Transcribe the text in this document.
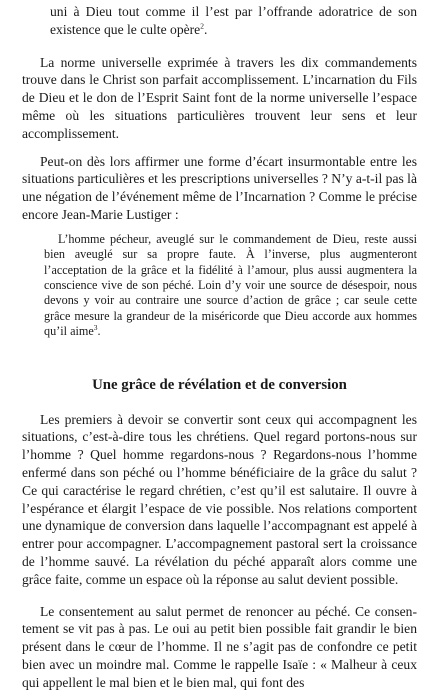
uni à Dieu tout comme il l’est par l’offrande adoratrice de son existence que le culte opère$^2$.

La norme universelle exprimée à travers les dix commandements trouve dans le Christ son parfait accomplissement. L’incarnation du Fils de Dieu et le don de l’Esprit Saint font de la norme universelle l’espace même où les situations particulières trouvent leur sens et leur accomplissement.

Peut-on dès lors affirmer une forme d’écart insurmontable entre les situations particulières et les prescriptions universelles ? N’y a-t-il pas là une négation de l’événement même de l’Incarnation ? Comme le précise encore Jean-Marie Lustiger :

L’homme pécheur, aveuglé sur le commandement de Dieu, reste aussi bien aveuglé sur sa propre faute. À l’inverse, plus augmenteront l’acceptation de la grâce et la fidélité à l’amour, plus aussi augmentera la conscience vive de son péché. Loin d’y voir une source de désespoir, nous devons y voir au contraire une source d’action de grâce ; car seule cette grâce mesure la grandeur de la miséricorde que Dieu accorde aux hommes qu’il aime$^3$.

Une grâce de révélation et de conversion

Les premiers à devoir se convertir sont ceux qui accompagnent les situations, c’est-à-dire tous les chrétiens. Quel regard portons-nous sur l’homme ? Quel homme regardons-nous ? Regardons-nous l’homme enfermé dans son péché ou l’homme bénéficiaire de la grâce du salut ? Ce qui caractérise le regard chrétien, c’est qu’il est salutaire. Il ouvre à l’espérance et élargit l’espace de vie possible. Nos relations comportent une dynamique de conversion dans laquelle l’accompagnant est appelé à entrer pour accompagner. L’accompagnement pastoral sert la croissance de l’homme sauvé. La révélation du péché apparaît alors comme une grâce faite, comme un espace où la réponse au salut devient possible.

Le consentement au salut permet de renoncer au péché. Ce consentement se vit pas à pas. Le oui au petit bien possible fait grandir le bien présent dans le cœur de l’homme. Il ne s’agit pas de confondre ce petit bien avec un moindre mal. Comme le rappelle Isaïe : « Malheur à ceux qui appellent le mal bien et le bien mal, qui font des
